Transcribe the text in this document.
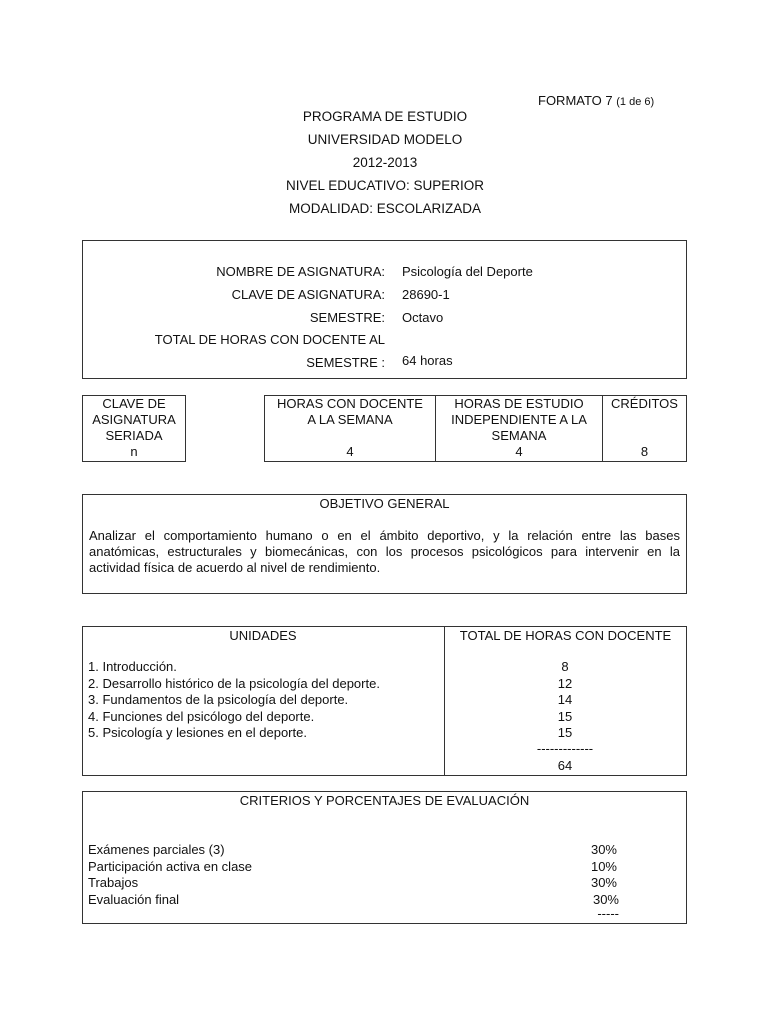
FORMATO 7 (1 de 6)
PROGRAMA DE ESTUDIO
UNIVERSIDAD MODELO
2012-2013
NIVEL EDUCATIVO: SUPERIOR
MODALIDAD: ESCOLARIZADA
NOMBRE DE ASIGNATURA: Psicología del Deporte
CLAVE DE ASIGNATURA: 28690-1
SEMESTRE: Octavo
TOTAL DE HORAS CON DOCENTE AL
SEMESTRE : 64 horas
CLAVE DE
ASIGNATURA
SERIADA
n
HORAS CON DOCENTE
A LA SEMANA
4
HORAS DE ESTUDIO
INDEPENDIENTE A LA
SEMANA
4
CRÉDITOS
8
OBJETIVO GENERAL
Analizar el comportamiento humano o en el ámbito deportivo, y la relación entre las bases anatómicas, estructurales y biomecánicas, con los procesos psicológicos para intervenir en la actividad física de acuerdo al nivel de rendimiento.
UNIDADES	TOTAL DE HORAS CON DOCENTE
1. Introducción.
2. Desarrollo histórico de la psicología del deporte.
3. Fundamentos de la psicología del deporte.
4. Funciones del psicólogo del deporte.
5. Psicología y lesiones en el deporte.
8
12
14
15
15
-------------
64
CRITERIOS Y PORCENTAJES DE EVALUACIÓN
Exámenes parciales (3)
Participación activa en clase
Trabajos
Evaluación final
30%
10%
30%
30%
-----
